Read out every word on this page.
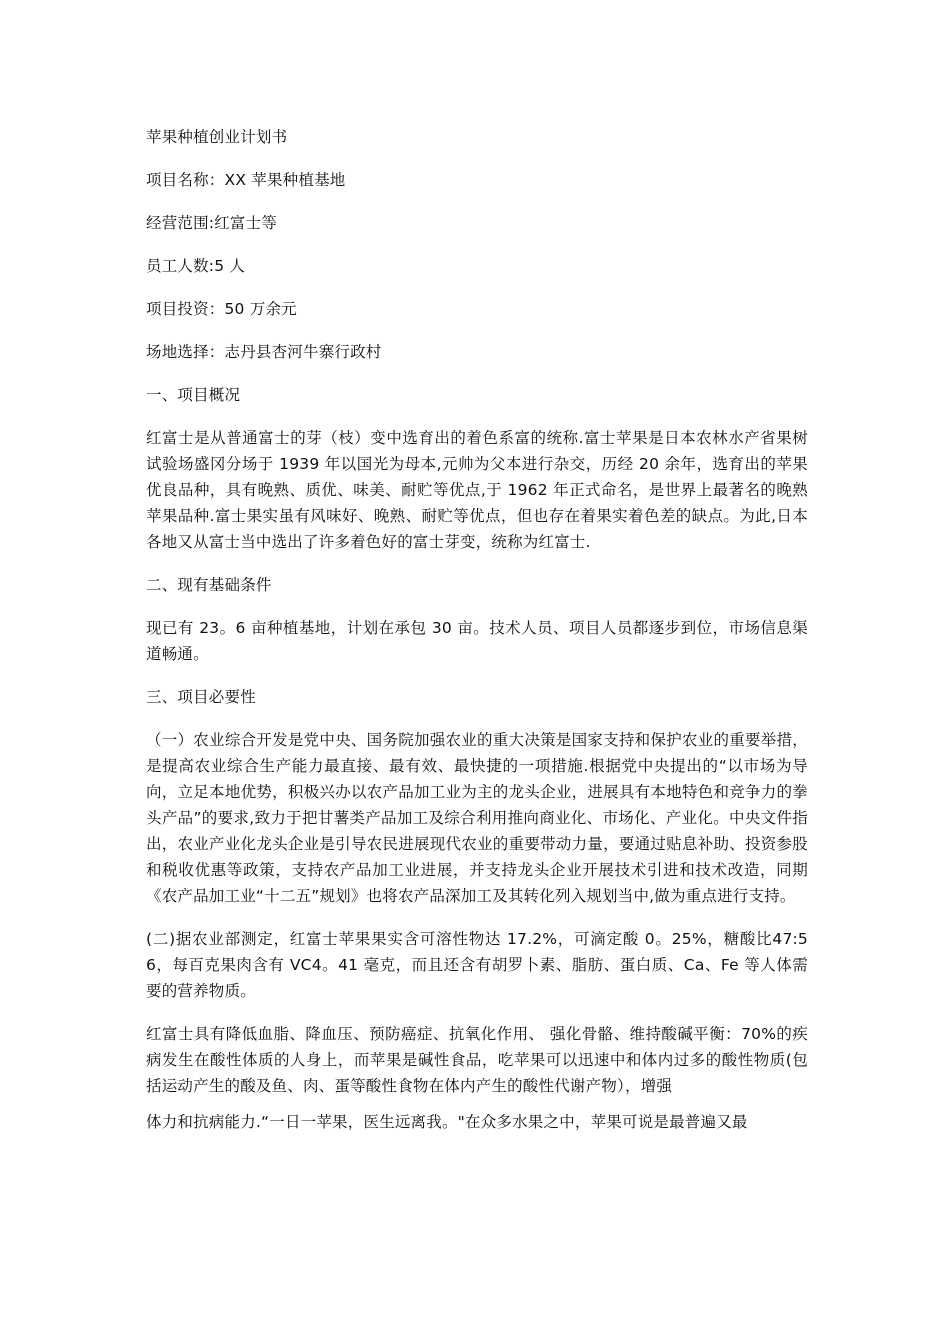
苹果种植创业计划书

项目名称：XX 苹果种植基地

经营范围:红富士等

员工人数:5 人

项目投资：50 万余元

场地选择：志丹县杏河牛寨行政村

一、项目概况

红富士是从普通富士的芽（枝）变中选育出的着色系富的统称.富士苹果是日本农林水产省果树试验场盛冈分场于 1939 年以国光为母本,元帅为父本进行杂交，历经 20 余年，选育出的苹果优良品种，具有晚熟、质优、味美、耐贮等优点,于 1962 年正式命名，是世界上最著名的晚熟苹果品种.富士果实虽有风味好、晚熟、耐贮等优点，但也存在着果实着色差的缺点。为此,日本各地又从富士当中选出了许多着色好的富士芽变，统称为红富士.

二、现有基础条件

现已有 23。6 亩种植基地，计划在承包 30 亩。技术人员、项目人员都逐步到位，市场信息渠道畅通。

三、项目必要性

（一）农业综合开发是党中央、国务院加强农业的重大决策是国家支持和保护农业的重要举措，是提高农业综合生产能力最直接、最有效、最快捷的一项措施.根据党中央提出的“以市场为导向，立足本地优势，积极兴办以农产品加工业为主的龙头企业，进展具有本地特色和竞争力的拳头产品”的要求,致力于把甘薯类产品加工及综合利用推向商业化、市场化、产业化。中央文件指出，农业产业化龙头企业是引导农民进展现代农业的重要带动力量，要通过贴息补助、投资参股和税收优惠等政策，支持农产品加工业进展，并支持龙头企业开展技术引进和技术改造，同期《农产品加工业“十二五”规划》也将农产品深加工及其转化列入规划当中,做为重点进行支持。

(二)据农业部测定，红富士苹果果实含可溶性物达 17.2%，可滴定酸 0。25%，糖酸比47:56，每百克果肉含有 VC4。41 毫克，而且还含有胡罗卜素、脂肪、蛋白质、Ca、Fe 等人体需要的营养物质。

红富士具有降低血脂、降血压、预防癌症、抗氧化作用、 强化骨骼、维持酸碱平衡：70%的疾病发生在酸性体质的人身上，而苹果是碱性食品，吃苹果可以迅速中和体内过多的酸性物质(包括运动产生的酸及鱼、肉、蛋等酸性食物在体内产生的酸性代谢产物），增强

体力和抗病能力.“一日一苹果，医生远离我。"在众多水果之中，苹果可说是最普遍又最
